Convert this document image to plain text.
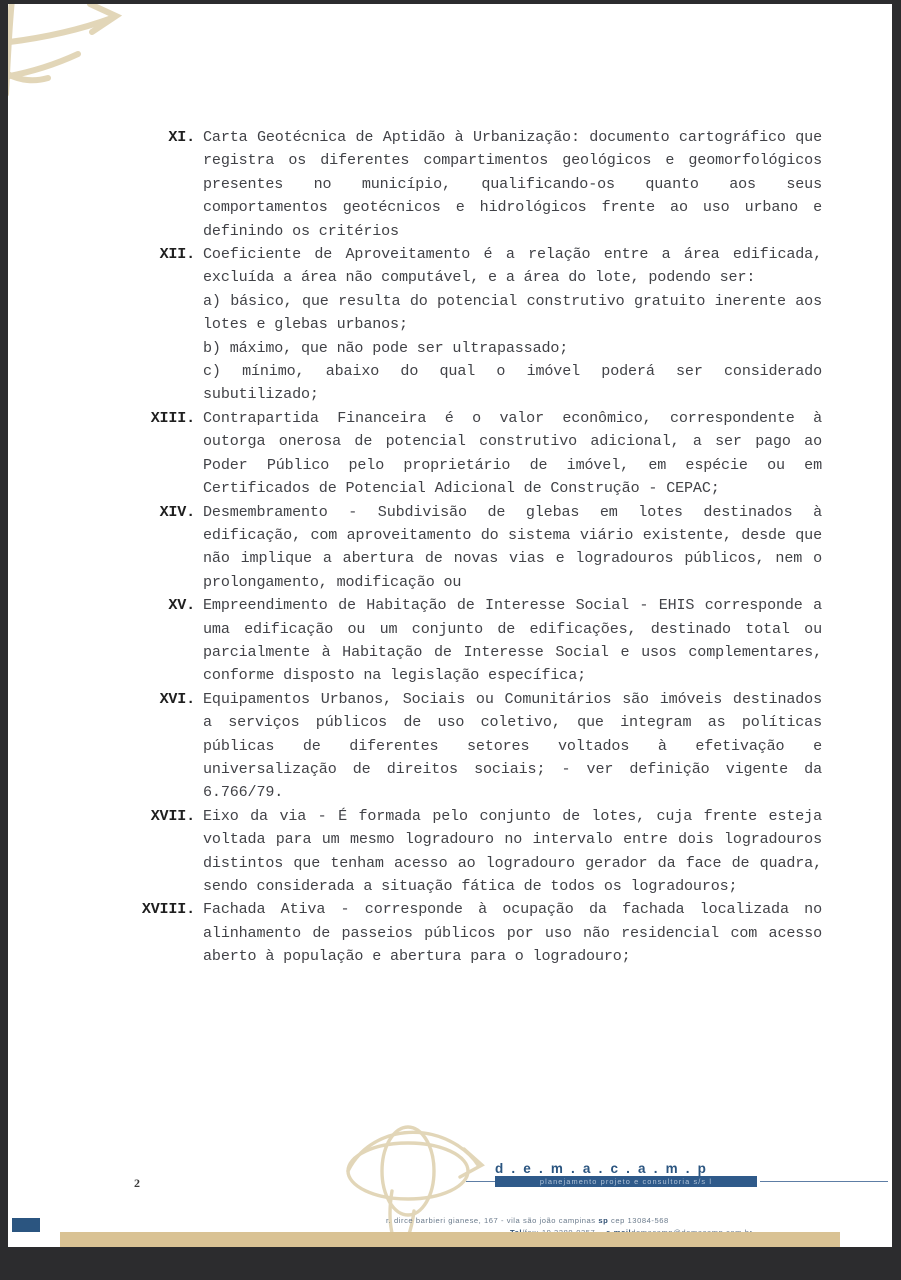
XI .	Carta Geotécnica de Aptidão à Urbanização: documento cartográfico que registra os diferentes compartimentos geológicos e geomorfológicos presentes no município, qualificando-os quanto aos seus comportamentos geotécnicos e hidrológicos frente ao uso urbano e definindo os critérios
XII .	Coeficiente de Aproveitamento é a relação entre a área edificada, excluída a área não computável, e a área do lote, podendo ser:
a) básico, que resulta do potencial construtivo gratuito inerente aos lotes e glebas urbanos;
b) máximo, que não pode ser ultrapassado;
c) mínimo, abaixo do qual o imóvel poderá ser considerado subutilizado;
XIII .	Contrapartida Financeira é o valor econômico, correspondente à outorga onerosa de potencial construtivo adicional, a ser pago ao Poder Público pelo proprietário de imóvel, em espécie ou em Certificados de Potencial Adicional de Construção - CEPAC;
XIV .	Desmembramento - Subdivisão de glebas em lotes destinados à edificação, com aproveitamento do sistema viário existente, desde que não implique a abertura de novas vias e logradouros públicos, nem o prolongamento, modificação ou
XV .	Empreendimento de Habitação de Interesse Social - EHIS corresponde a uma edificação ou um conjunto de edificações, destinado total ou parcialmente à Habitação de Interesse Social e usos complementares, conforme disposto na legislação específica;
XVI .	Equipamentos Urbanos, Sociais ou Comunitários são imóveis destinados a serviços públicos de uso coletivo, que integram as políticas públicas de diferentes setores voltados à efetivação e universalização de direitos sociais; - ver definição vigente da 6.766/79.
XVII .	Eixo da via - É formada pelo conjunto de lotes, cuja frente esteja voltada para um mesmo logradouro no intervalo entre dois logradouros distintos que tenham acesso ao logradouro gerador da face de quadra, sendo considerada a situação fática de todos os logradouros;
XVIII .	Fachada Ativa - corresponde à ocupação da fachada localizada no alinhamento de passeios públicos por uso não residencial com acesso aberto à população e abertura para o logradouro;
2
d . e . m . a . c . a . m . p
planejamento projeto e consultoria s/s l
r. dirce barbieri gianese, 167 - vila são joão campinas sp cep 13084-568
